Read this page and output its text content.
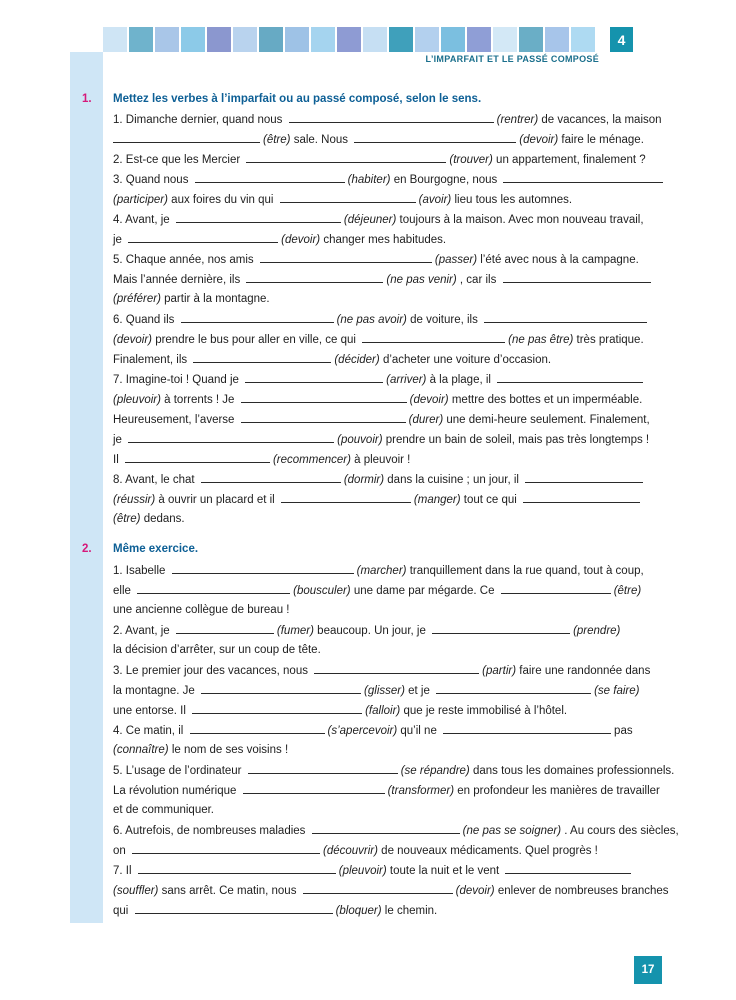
4
L’IMPARFAIT ET LE PASSÉ COMPOSÉ
1. Mettez les verbes à l’imparfait ou au passé composé, selon le sens.
1. Dimanche dernier, quand nous
	(rentrer)
de vacances, la maison

(être)
sale. Nous
	(devoir)
faire le ménage.

2. Est-ce que les Mercier
	(trouver)
un appartement, finalement ?

3. Quand nous
	(habiter)
en Bourgogne, nous

(participer)
aux foires du vin qui
	(avoir)
lieu tous les automnes.

4. Avant, je
	(déjeuner)
toujours à la maison. Avec mon nouveau travail,

je
	(devoir)
changer mes habitudes.

5. Chaque année, nos amis
	(passer)
l’été avec nous à la campagne.

Mais l’année dernière, ils
	(ne pas venir)
, car ils

(préférer)
partir à la montagne.

6. Quand ils
	(ne pas avoir)
de voiture, ils

(devoir)
prendre le bus pour aller en ville, ce qui
	(ne pas être)
très pratique.

Finalement, ils
	(décider)
d’acheter une voiture d’occasion.

7. Imagine-toi ! Quand je
	(arriver)
à la plage, il

(pleuvoir)
à torrents ! Je
	(devoir)
mettre des bottes et un imperméable.

Heureusement, l’averse
	(durer)
une demi-heure seulement. Finalement,

je
	(pouvoir)
prendre un bain de soleil, mais pas très longtemps !

Il
	(recommencer)
à pleuvoir !

8. Avant, le chat
	(dormir)
dans la cuisine ; un jour, il

(réussir)
à ouvrir un placard et il
	(manger)
tout ce qui

(être)
dedans.

2. Même exercice.
1. Isabelle
	(marcher)
tranquillement dans la rue quand, tout à coup,

elle
	(bousculer)
une dame par mégarde. Ce
	(être)

une ancienne collègue de bureau !

2. Avant, je
	(fumer)
beaucoup. Un jour, je
	(prendre)

la décision d’arrêter, sur un coup de tête.

3. Le premier jour des vacances, nous
	(partir)
faire une randonnée dans

la montagne. Je
	(glisser)
et je
	(se faire)

une entorse. Il
	(falloir)
que je reste immobilisé à l’hôtel.

4. Ce matin, il
	(s’apercevoir)
qu’il ne
	pas

(connaître)
le nom de ses voisins !

5. L’usage de l’ordinateur
	(se répandre)
dans tous les domaines professionnels.

La révolution numérique
	(transformer)
en profondeur les manières de travailler

et de communiquer.

6. Autrefois, de nombreuses maladies
	(ne pas se soigner)
. Au cours des siècles,

on
	(découvrir)
de nouveaux médicaments. Quel progrès !

7. Il
	(pleuvoir)
toute la nuit et le vent

(souffler)
sans arrêt. Ce matin, nous
	(devoir)
enlever de nombreuses branches

qui
	(bloquer)
le chemin.

17
